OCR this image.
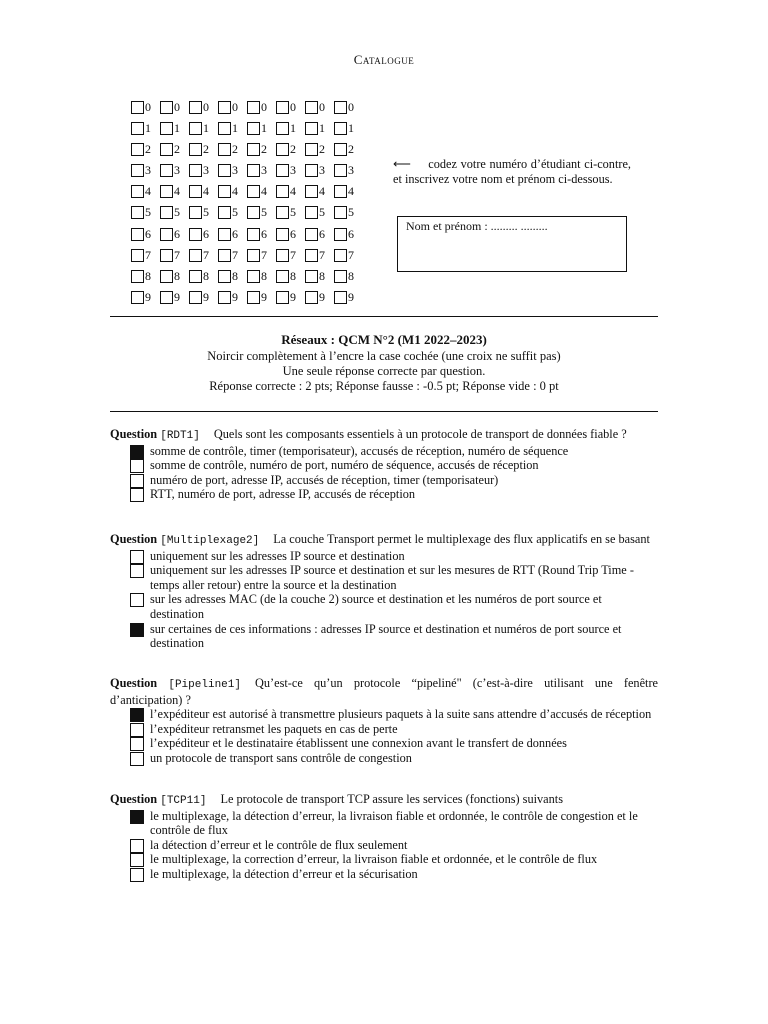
Catalogue
0 0 0 0 0 0 0 0
1 1 1 1 1 1 1 1
2 2 2 2 2 2 2 2
3 3 3 3 3 3 3 3
4 4 4 4 4 4 4 4
5 5 5 5 5 5 5 5
6 6 6 6 6 6 6 6
7 7 7 7 7 7 7 7
8 8 8 8 8 8 8 8
9 9 9 9 9 9 9 9
⟵ codez votre numéro d’étudiant ci-contre, et inscrivez votre nom et prénom ci-dessous.
Nom et prénom : ......... .........
Réseaux : QCM N°2 (M1 2022–2023)
Noircir complètement à l’encre la case cochée (une croix ne suffit pas)
Une seule réponse correcte par question.
Réponse correcte : 2 pts; Réponse fausse : -0.5 pt; Réponse vide : 0 pt
Question [RDT1] Quels sont les composants essentiels à un protocole de transport de données fiable ?
somme de contrôle, timer (temporisateur), accusés de réception, numéro de séquence
somme de contrôle, numéro de port, numéro de séquence, accusés de réception
numéro de port, adresse IP, accusés de réception, timer (temporisateur)
RTT, numéro de port, adresse IP, accusés de réception
Question [Multiplexage2] La couche Transport permet le multiplexage des flux applicatifs en se basant
uniquement sur les adresses IP source et destination
uniquement sur les adresses IP source et destination et sur les mesures de RTT (Round Trip Time - temps aller retour) entre la source et la destination
sur les adresses MAC (de la couche 2) source et destination et les numéros de port source et destination
sur certaines de ces informations : adresses IP source et destination et numéros de port source et destination
Question [Pipeline1] Qu’est-ce qu’un protocole “pipeliné" (c’est-à-dire utilisant une fenêtre d’anticipation) ?
l’expéditeur est autorisé à transmettre plusieurs paquets à la suite sans attendre d’accusés de réception
l’expéditeur retransmet les paquets en cas de perte
l’expéditeur et le destinataire établissent une connexion avant le transfert de données
un protocole de transport sans contrôle de congestion
Question [TCP11] Le protocole de transport TCP assure les services (fonctions) suivants
le multiplexage, la détection d’erreur, la livraison fiable et ordonnée, le contrôle de congestion et le contrôle de flux
la détection d’erreur et le contrôle de flux seulement
le multiplexage, la correction d’erreur, la livraison fiable et ordonnée, et le contrôle de flux
le multiplexage, la détection d’erreur et la sécurisation
